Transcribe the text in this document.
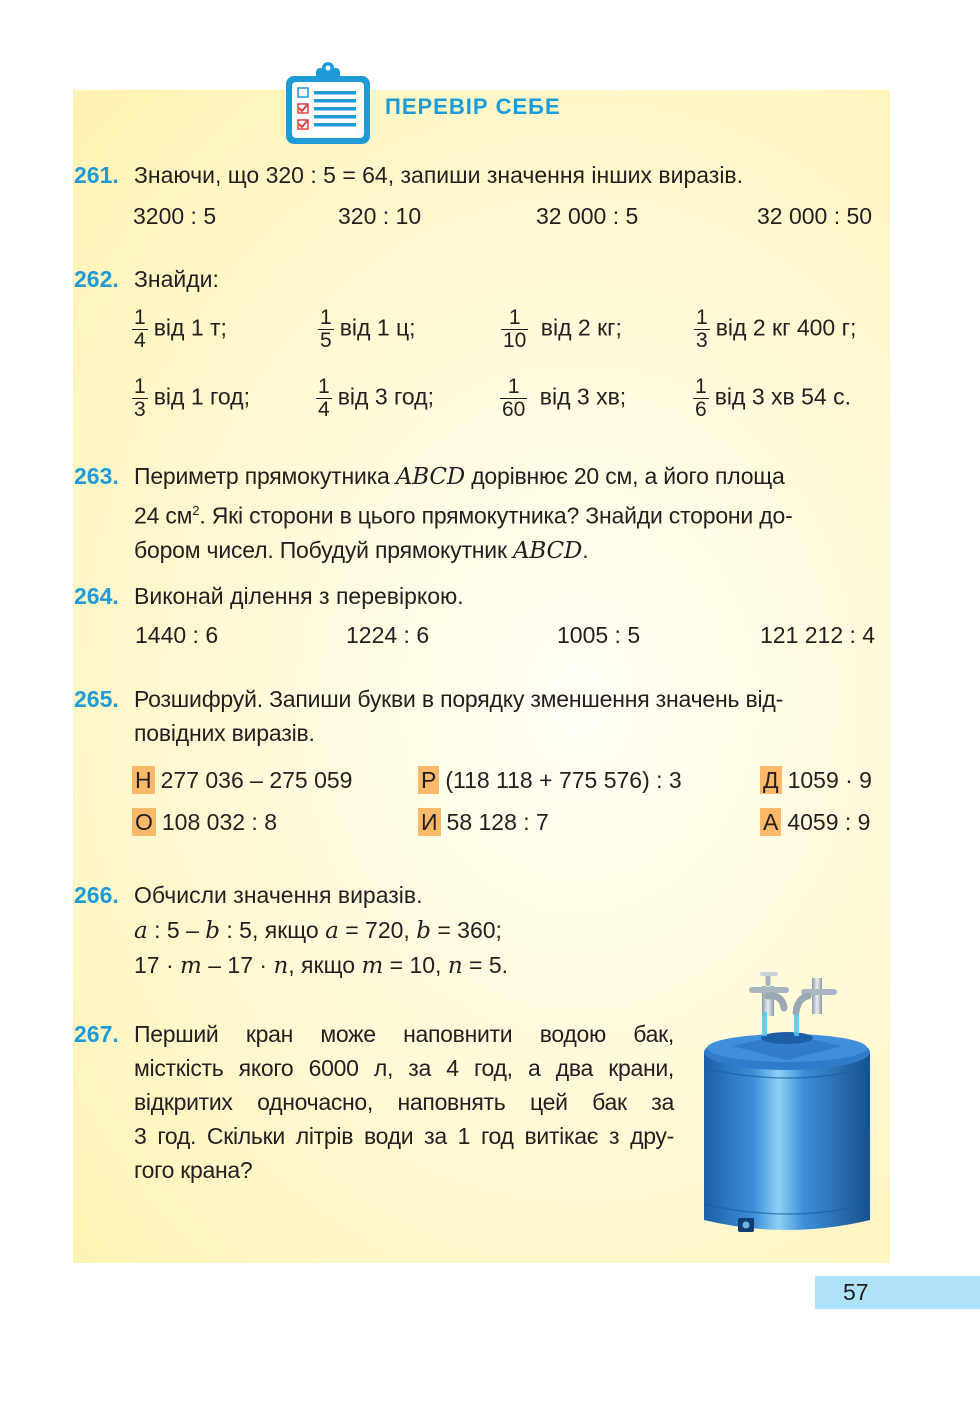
ПЕРЕВІР СЕБЕ
261. Знаючи, що 320 : 5 = 64, запиши значення інших виразів.
3200 : 5	320 : 10	32 000 : 5	32 000 : 50
262. Знайди:
$\frac{1}{4}$ від 1 т;	$\frac{1}{5}$ від 1 ц;	$\frac{1}{10}$ від 2 кг;	$\frac{1}{3}$ від 2 кг 400 г;
$\frac{1}{3}$ від 1 год;	$\frac{1}{4}$ від 3 год;	$\frac{1}{60}$ від 3 хв;	$\frac{1}{6}$ від 3 хв 54 с.
263. Периметр прямокутника ABCD дорівнює 20 см, а його площа
24 $см^2$. Які сторони в цього прямокутника? Знайди сторони до-
бором чисел. Побудуй прямокутник ABCD.
264. Виконай ділення з перевіркою.
1440 : 6	1224 : 6	1005 : 5	121 212 : 4
265. Розшифруй. Запиши букви в порядку зменшення значень від-
повідних виразів.
Н 277 036 – 275 059	Р (118 118 + 775 576) : 3	Д 1059 · 9
О 108 032 : 8	И 58 128 : 7	А 4059 : 9
266. Обчисли значення виразів.
a : 5 – b : 5, якщо a = 720, b = 360;
17 · m – 17 · n, якщо m = 10, n = 5.
267. Перший кран може наповнити водою бак,
місткість якого 6000 л, за 4 год, а два крани,
відкритих одночасно, наповнять цей бак за
3 год. Скільки літрів води за 1 год витікає з дру-
гого крана?
57
